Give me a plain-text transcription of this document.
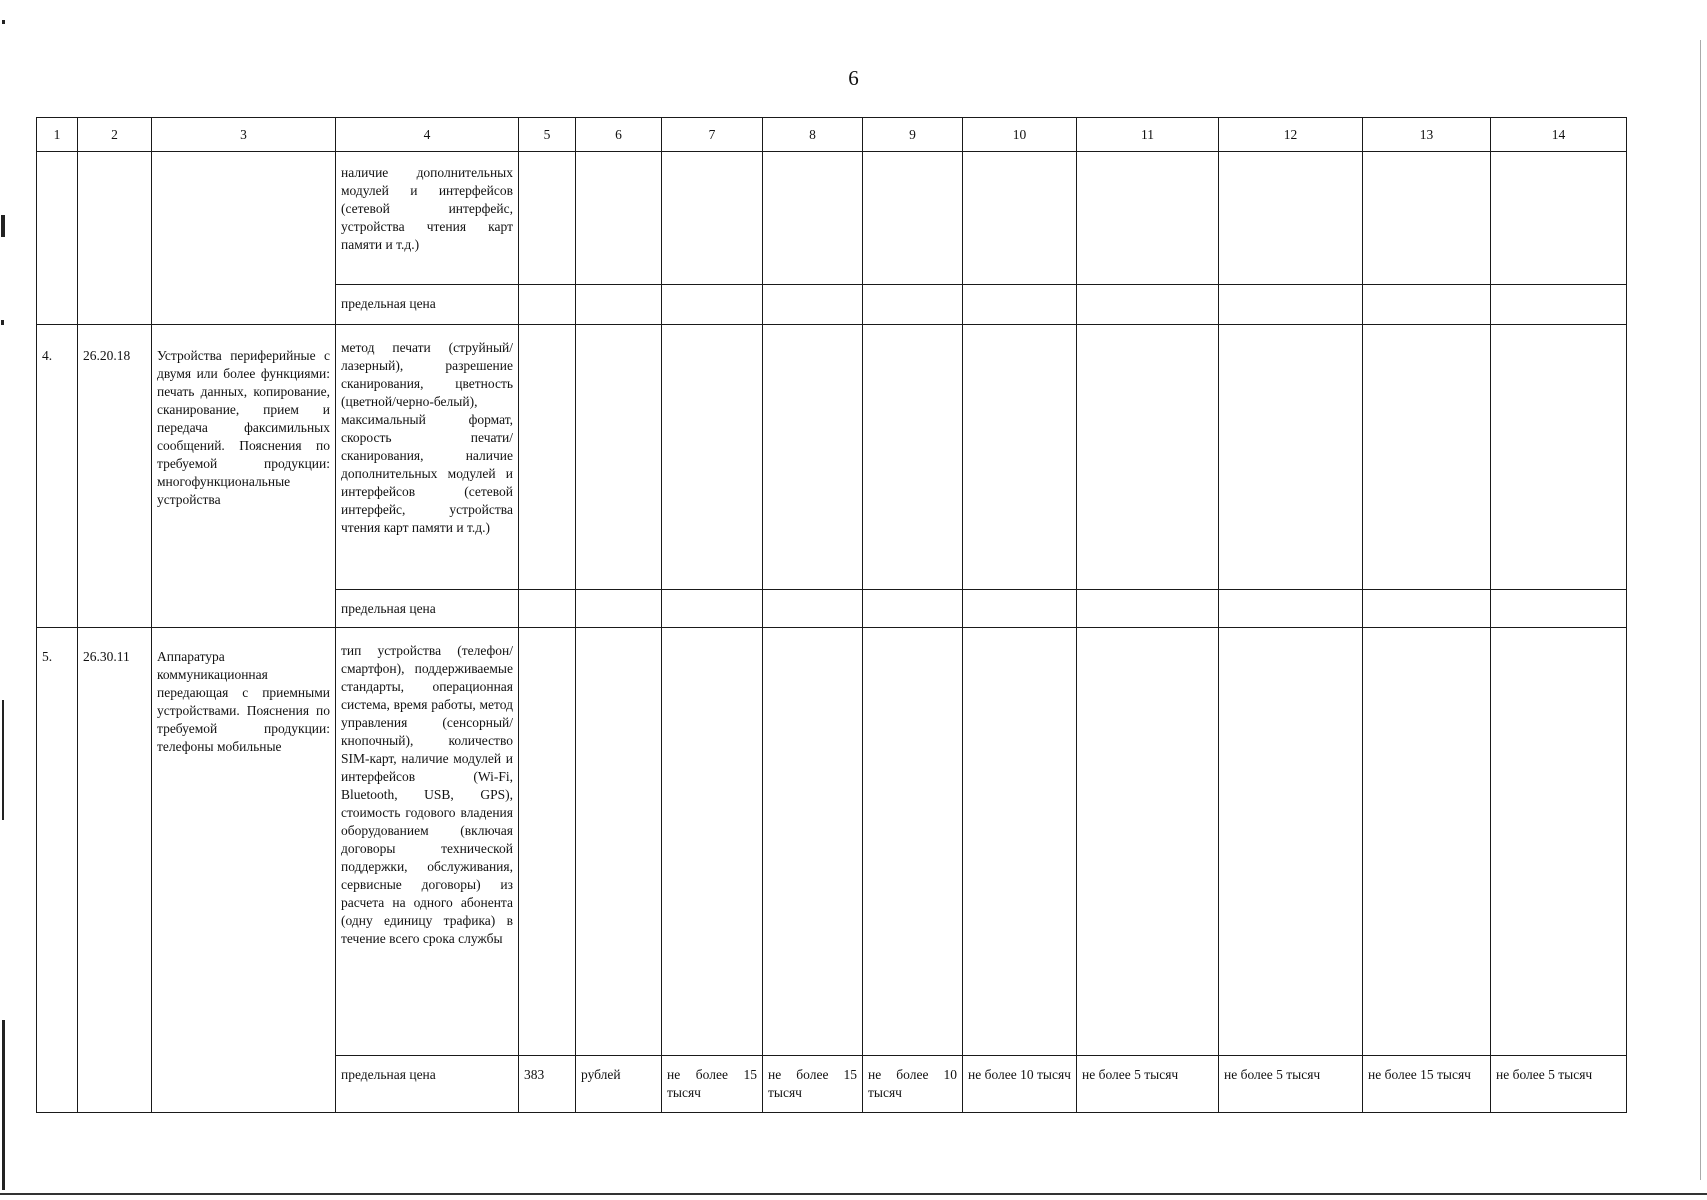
6
1	2	3	4	5	6	7	8	9	10	11	12	13	14
			наличие дополнительных модулей и интерфейсов (сетевой интерфейс, устройства чтения карт памяти и т.д.)										
			предельная цена										
4.	26.20.18	Устройства периферийные с двумя или более функциями: печать данных, копирование, сканирование, прием и передача факсимильных сообщений. Пояснения по требуемой продукции: многофункциональные устройства	метод печати (струйный/ лазерный), разрешение сканирования, цветность (цветной/черно-белый), максимальный формат, скорость печати/сканирования, наличие дополнительных модулей и интерфейсов (сетевой интерфейс, устройства чтения карт памяти и т.д.)										
			предельная цена										
5.	26.30.11	Аппаратура коммуникационная передающая с приемными устройствами. Пояснения по требуемой продукции: телефоны мобильные	тип устройства (телефон/смартфон), поддерживаемые стандарты, операционная система, время работы, метод управления (сенсорный/кнопочный), количество SIM-карт, наличие модулей и интерфейсов (Wi-Fi, Bluetooth, USB, GPS), стоимость годового владения оборудованием (включая договоры технической поддержки, обслуживания, сервисные договоры) из расчета на одного абонента (одну единицу трафика) в течение всего срока службы										
			предельная цена	383	рублей	не более 15 тысяч	не более 15 тысяч	не более 10 тысяч	не более 10 тысяч	не более 5 тысяч	не более 5 тысяч	не более 15 тысяч	не более 5 тысяч
